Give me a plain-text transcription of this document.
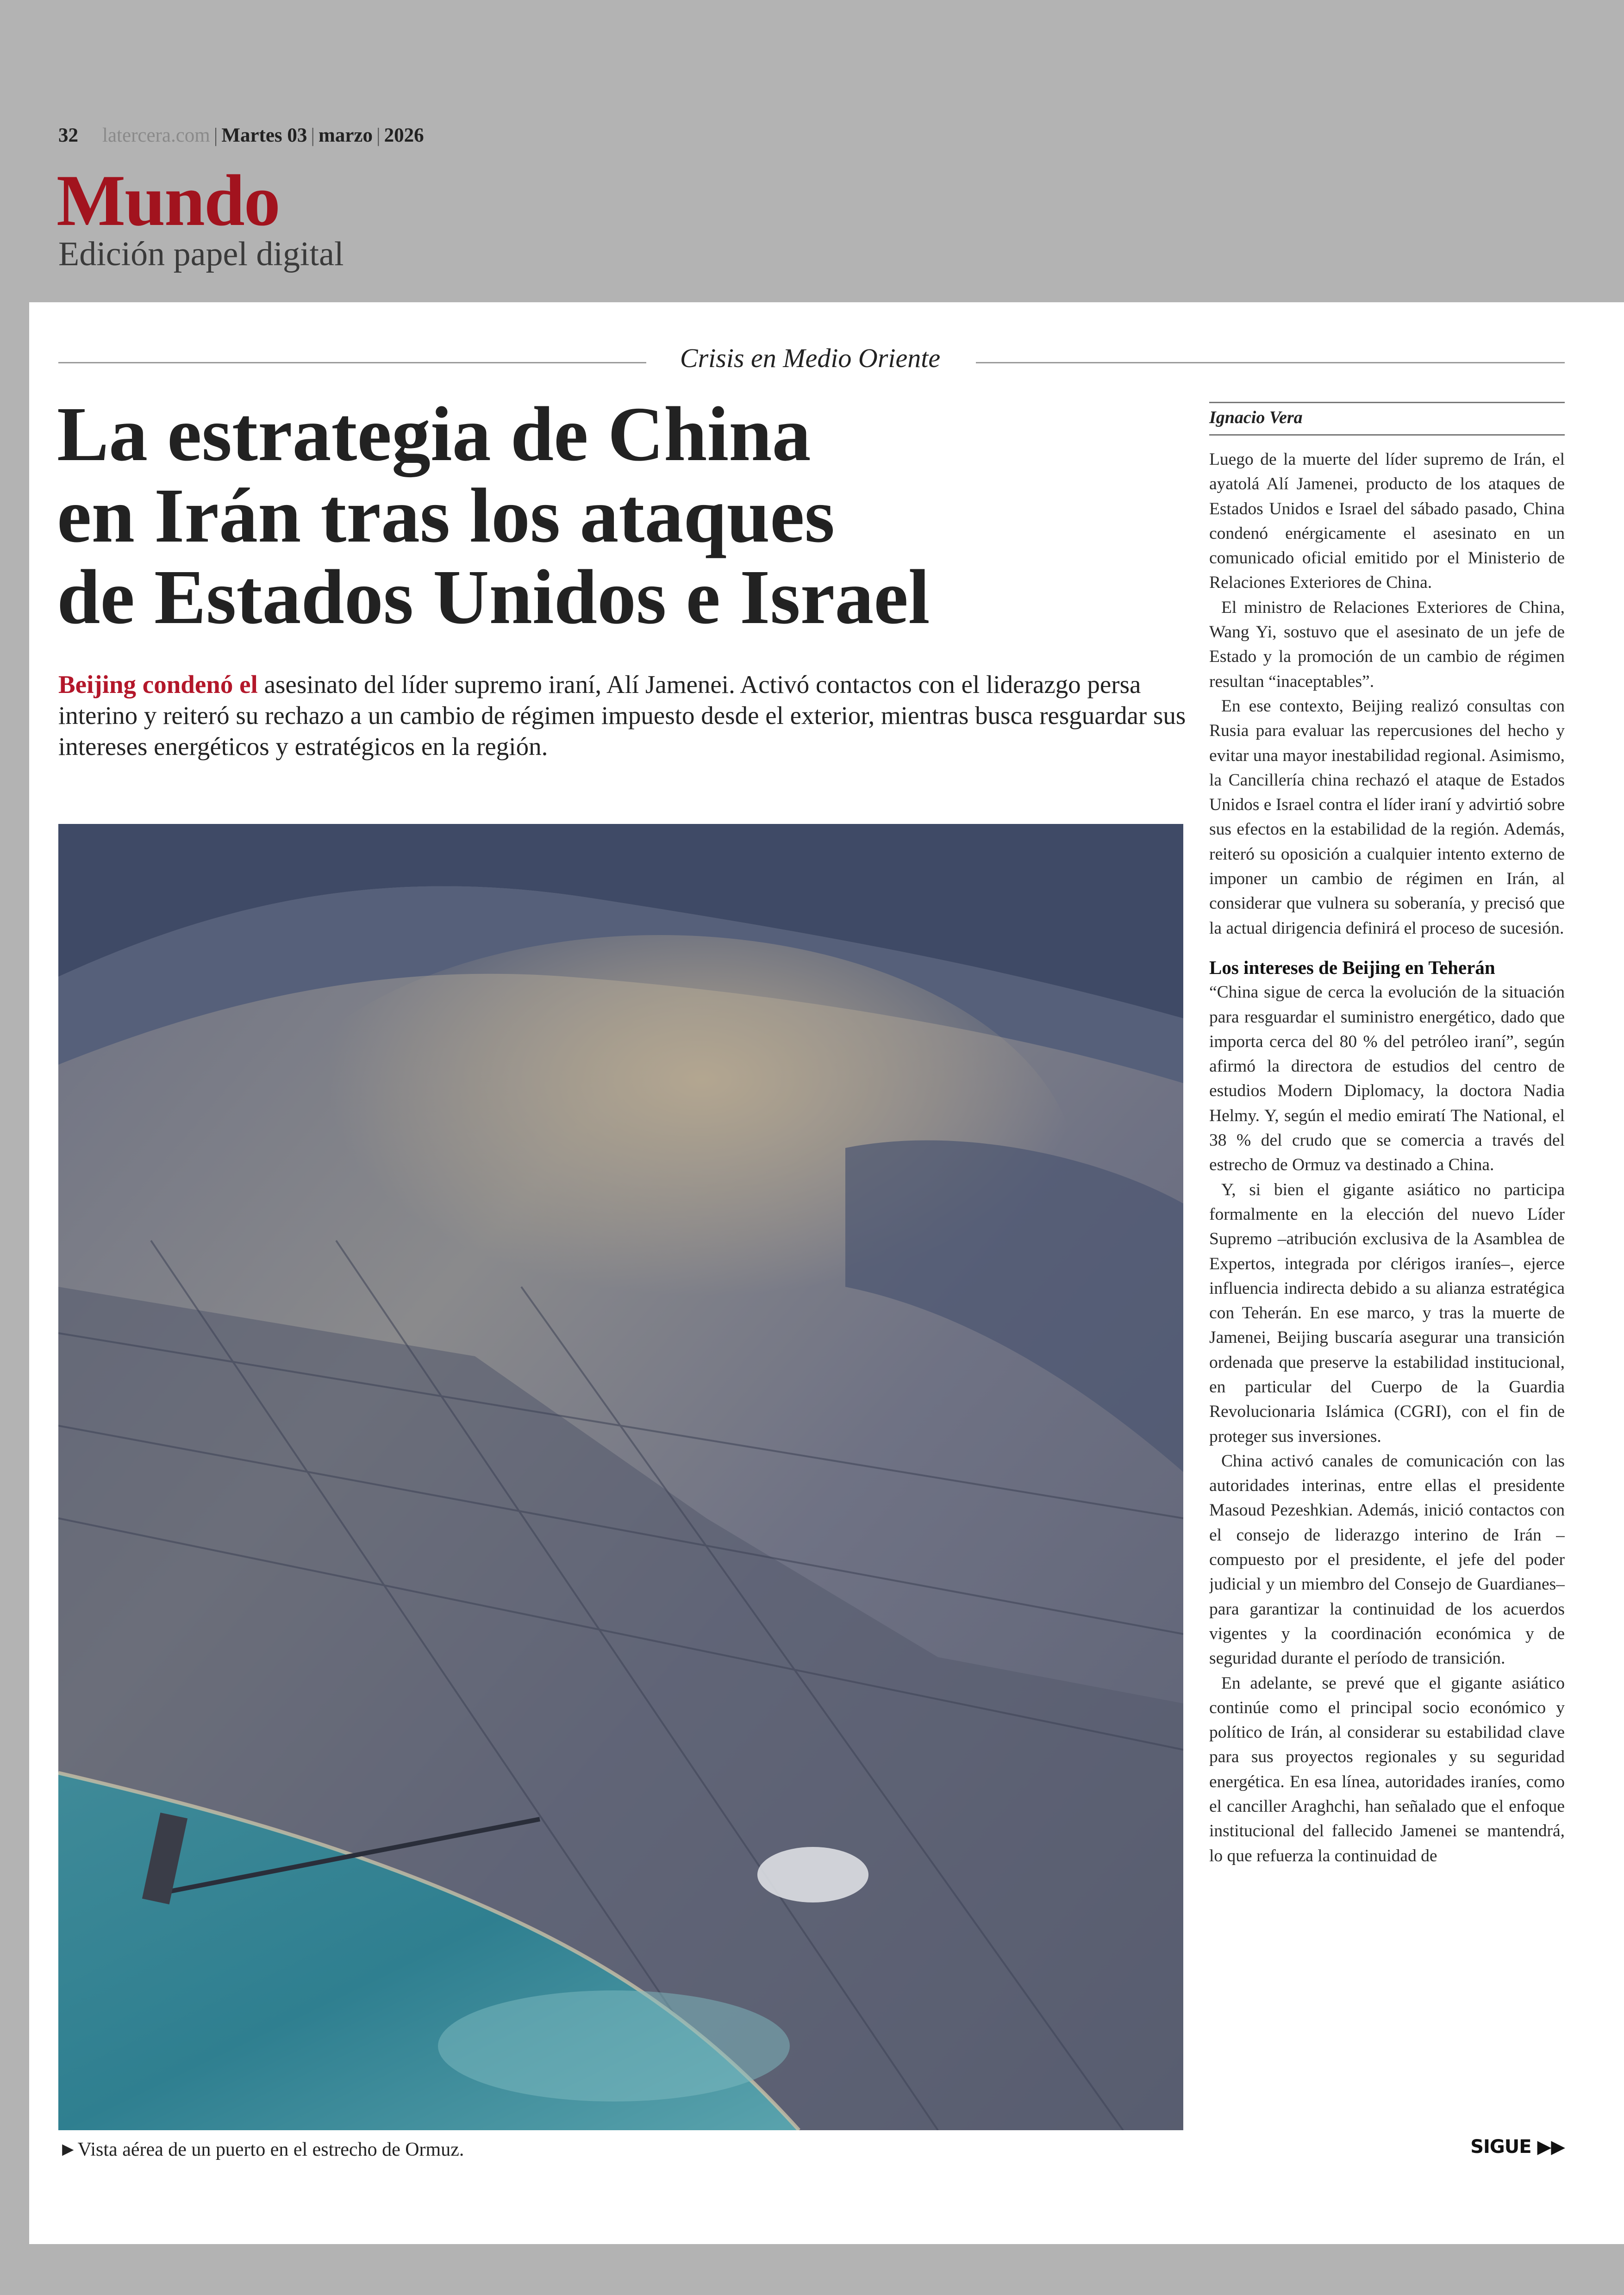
32 latercera.com | Martes 03 | marzo | 2026
Mundo
Edición papel digital
Crisis en Medio Oriente
La estrategia de China
en Irán tras los ataques
de Estados Unidos e Israel
Beijing condenó el asesinato del líder supremo iraní, Alí Jamenei. Activó contactos con el liderazgo persa interino y reiteró su rechazo a un cambio de régimen impuesto desde el exterior, mientras busca resguardar sus intereses energéticos y estratégicos en la región.
►Vista aérea de un puerto en el estrecho de Ormuz.
Ignacio Vera

Luego de la muerte del líder supremo de Irán, el ayatolá Alí Jamenei, producto de los ataques de Estados Unidos e Israel del sábado pasado, China condenó enérgicamente el asesinato en un comunicado oficial emitido por el Ministerio de Relaciones Exteriores de China.

El ministro de Relaciones Exteriores de China, Wang Yi, sostuvo que el asesinato de un jefe de Estado y la promoción de un cambio de régimen resultan “inaceptables”.

En ese contexto, Beijing realizó consultas con Rusia para evaluar las repercusiones del hecho y evitar una mayor inestabilidad regional. Asimismo, la Cancillería china rechazó el ataque de Estados Unidos e Israel contra el líder iraní y advirtió sobre sus efectos en la estabilidad de la región. Además, reiteró su oposición a cualquier intento externo de imponer un cambio de régimen en Irán, al considerar que vulnera su soberanía, y precisó que la actual dirigencia definirá el proceso de sucesión.

Los intereses de Beijing en Teherán

“China sigue de cerca la evolución de la situación para resguardar el suministro energético, dado que importa cerca del 80 % del petróleo iraní”, según afirmó la directora de estudios del centro de estudios Modern Diplomacy, la doctora Nadia Helmy. Y, según el medio emiratí The National, el 38 % del crudo que se comercia a través del estrecho de Ormuz va destinado a China.

Y, si bien el gigante asiático no participa formalmente en la elección del nuevo Líder Supremo –atribución exclusiva de la Asamblea de Expertos, integrada por clérigos iraníes–, ejerce influencia indirecta debido a su alianza estratégica con Teherán. En ese marco, y tras la muerte de Jamenei, Beijing buscaría asegurar una transición ordenada que preserve la estabilidad institucional, en particular del Cuerpo de la Guardia Revolucionaria Islámica (CGRI), con el fin de proteger sus inversiones.

China activó canales de comunicación con las autoridades interinas, entre ellas el presidente Masoud Pezeshkian. Además, inició contactos con el consejo de liderazgo interino de Irán –compuesto por el presidente, el jefe del poder judicial y un miembro del Consejo de Guardianes– para garantizar la continuidad de los acuerdos vigentes y la coordinación económica y de seguridad durante el período de transición.

En adelante, se prevé que el gigante asiático continúe como el principal socio económico y político de Irán, al considerar su estabilidad clave para sus proyectos regionales y su seguridad energética. En esa línea, autoridades iraníes, como el canciller Araghchi, han señalado que el enfoque institucional del fallecido Jamenei se mantendrá, lo que refuerza la continuidad de

SIGUE ▶▶
